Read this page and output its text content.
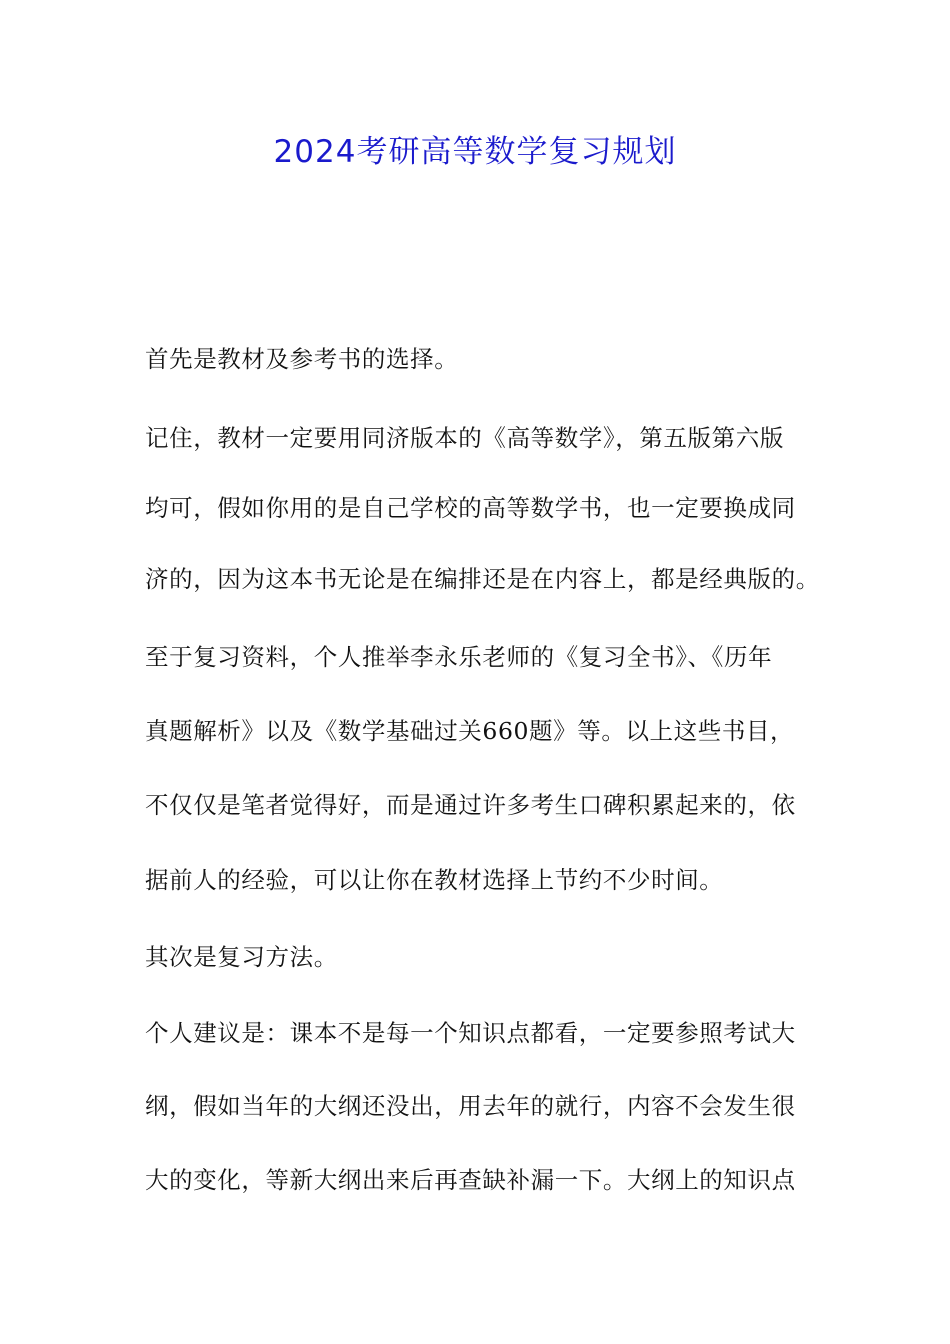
2024考研高等数学复习规划
首先是教材及参考书的选择。
记住，教材一定要用同济版本的《高等数学》，第五版第六版
均可，假如你用的是自己学校的高等数学书，也一定要换成同
济的，因为这本书无论是在编排还是在内容上，都是经典版的。
至于复习资料，个人推举李永乐老师的《复习全书》、《历年
真题解析》以及《数学基础过关660题》等。以上这些书目，
不仅仅是笔者觉得好，而是通过许多考生口碑积累起来的，依
据前人的经验，可以让你在教材选择上节约不少时间。
其次是复习方法。
个人建议是：课本不是每一个知识点都看，一定要参照考试大
纲，假如当年的大纲还没出，用去年的就行，内容不会发生很
大的变化，等新大纲出来后再查缺补漏一下。大纲上的知识点
